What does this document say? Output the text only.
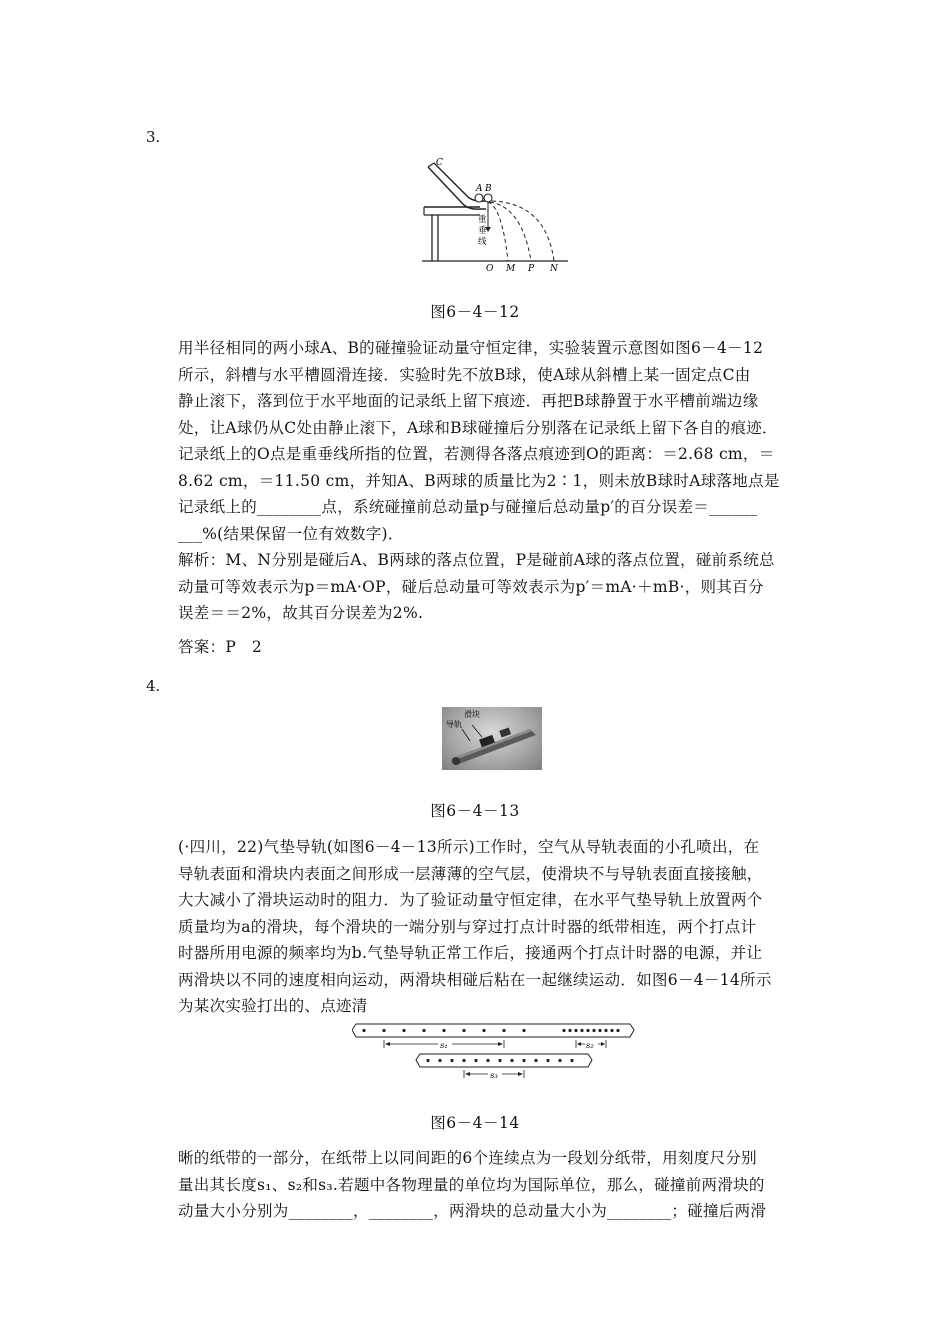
3.
C
A B
重
垂
线
O M P N
图6－4－12
用半径相同的两小球A、B的碰撞验证动量守恒定律，实验装置示意图如图6－4－12
所示，斜槽与水平槽圆滑连接．实验时先不放B球，使A球从斜槽上某一固定点C由
静止滚下，落到位于水平地面的记录纸上留下痕迹．再把B球静置于水平槽前端边缘
处，让A球仍从C处由静止滚下，A球和B球碰撞后分别落在记录纸上留下各自的痕迹．
记录纸上的O点是重垂线所指的位置，若测得各落点痕迹到O的距离：＝2.68 cm，＝
8.62 cm，＝11.50 cm，并知A、B两球的质量比为2∶1，则未放B球时A球落地点是
记录纸上的________点，系统碰撞前总动量p与碰撞后总动量p′的百分误差＝______
___%(结果保留一位有效数字)．
解析：M、N分别是碰后A、B两球的落点位置，P是碰前A球的落点位置，碰前系统总
动量可等效表示为p＝mA·OP，碰后总动量可等效表示为p′＝mA·＋mB·，则其百分
误差＝＝2%，故其百分误差为2%.
答案：P　2
4.
滑块
导轨
图6－4－13
(·四川，22)气垫导轨(如图6－4－13所示)工作时，空气从导轨表面的小孔喷出，在
导轨表面和滑块内表面之间形成一层薄薄的空气层，使滑块不与导轨表面直接接触，
大大减小了滑块运动时的阻力．为了验证动量守恒定律，在水平气垫导轨上放置两个
质量均为a的滑块，每个滑块的一端分别与穿过打点计时器的纸带相连，两个打点计
时器所用电源的频率均为b.气垫导轨正常工作后，接通两个打点计时器的电源，并让
两滑块以不同的速度相向运动，两滑块相碰后粘在一起继续运动．如图6－4－14所示
为某次实验打出的、点迹清
s₁	s₂
s₃
图6－4－14
晰的纸带的一部分，在纸带上以同间距的6个连续点为一段划分纸带，用刻度尺分别
量出其长度s₁、s₂和s₃.若题中各物理量的单位均为国际单位，那么，碰撞前两滑块的
动量大小分别为________，________，两滑块的总动量大小为________；碰撞后两滑
